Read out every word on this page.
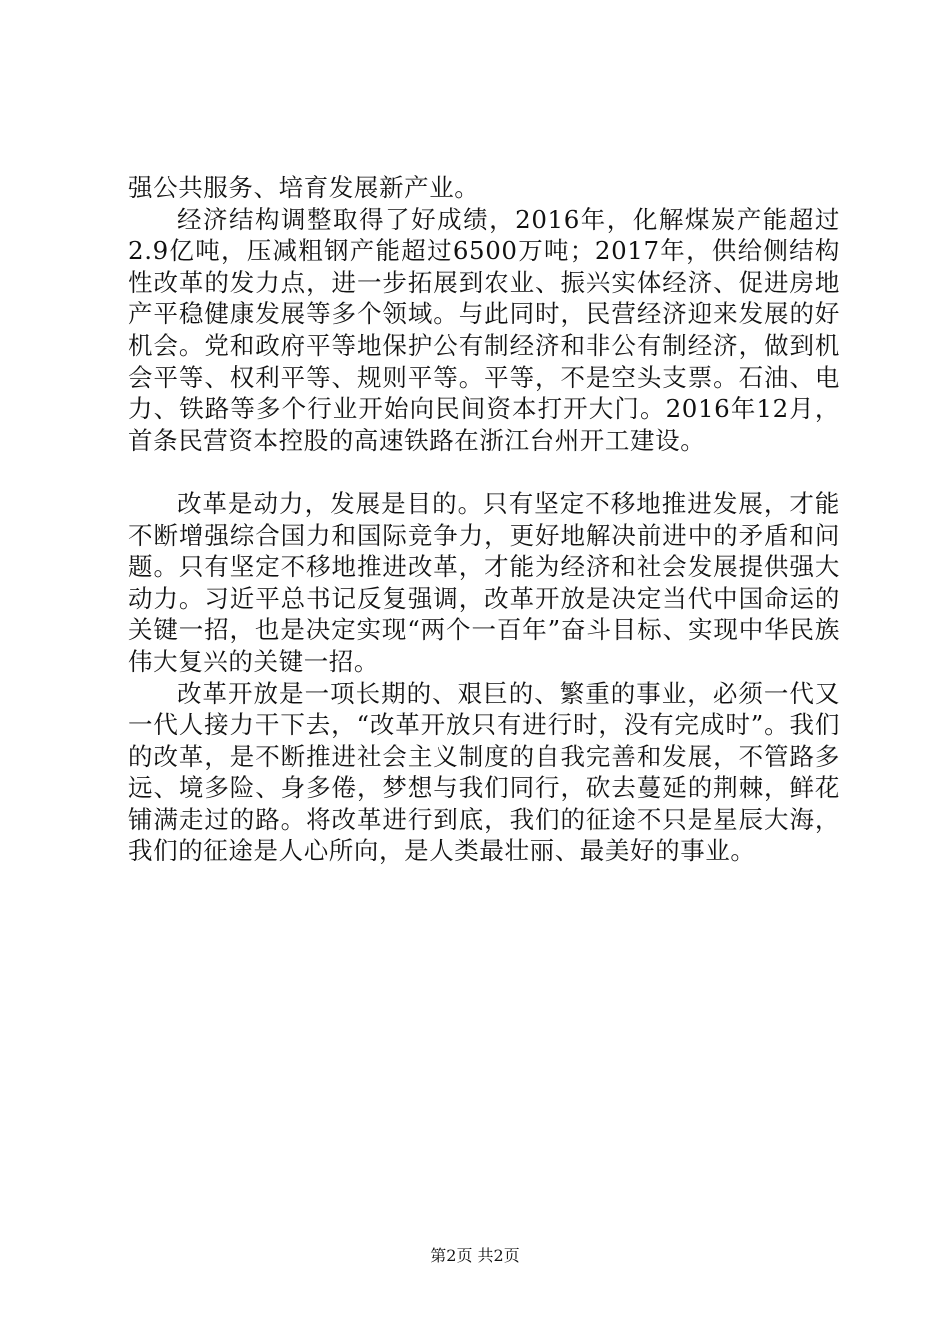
强公共服务、培育发展新产业。

经济结构调整取得了好成绩，2016年，化解煤炭产能超过2.9亿吨，压减粗钢产能超过6500万吨；2017年，供给侧结构性改革的发力点，进一步拓展到农业、振兴实体经济、促进房地产平稳健康发展等多个领域。与此同时，民营经济迎来发展的好机会。党和政府平等地保护公有制经济和非公有制经济，做到机会平等、权利平等、规则平等。平等，不是空头支票。石油、电力、铁路等多个行业开始向民间资本打开大门。2016年12月，首条民营资本控股的高速铁路在浙江台州开工建设。

改革是动力，发展是目的。只有坚定不移地推进发展，才能不断增强综合国力和国际竞争力，更好地解决前进中的矛盾和问题。只有坚定不移地推进改革，才能为经济和社会发展提供强大动力。习近平总书记反复强调，改革开放是决定当代中国命运的关键一招，也是决定实现“两个一百年”奋斗目标、实现中华民族伟大复兴的关键一招。

改革开放是一项长期的、艰巨的、繁重的事业，必须一代又一代人接力干下去，“改革开放只有进行时，没有完成时”。我们的改革，是不断推进社会主义制度的自我完善和发展，不管路多远、境多险、身多倦，梦想与我们同行，砍去蔓延的荆棘，鲜花铺满走过的路。将改革进行到底，我们的征途不只是星辰大海，我们的征途是人心所向，是人类最壮丽、最美好的事业。

第2页 共2页
